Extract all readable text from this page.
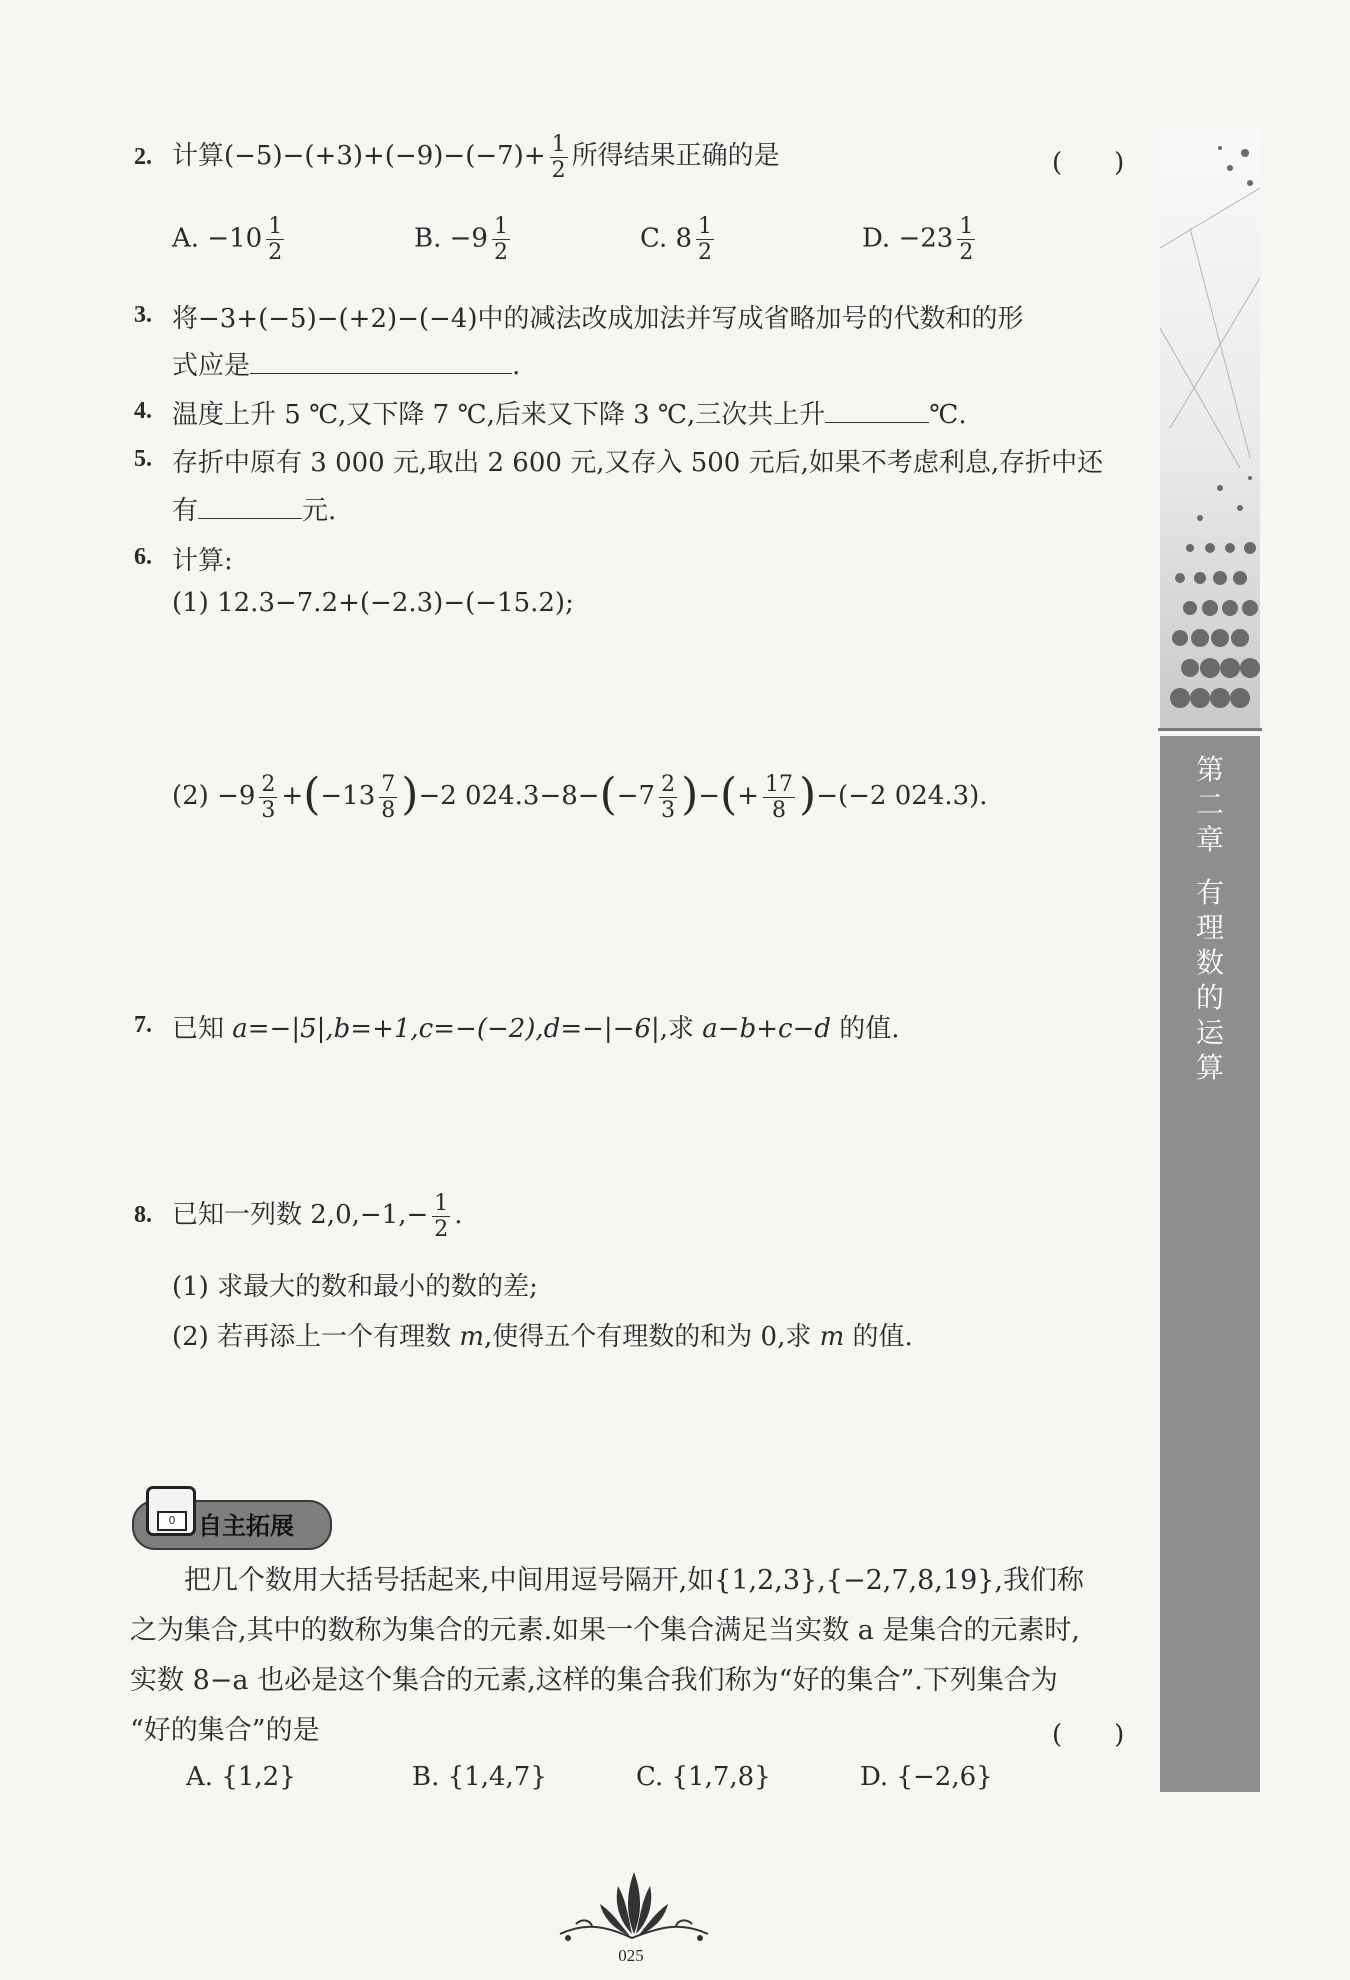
第
二
章
有
理
数
的
运
算
2. 计算$(-5)-(+3)+(-9)-(-7)+ \frac{1}{2}$ 所得结果正确的是	(　　)
A. $-10 \frac{1}{2}$	B. $-9 \frac{1}{2}$	C. $8 \frac{1}{2}$	D. $-23 \frac{1}{2}$
3. 将−3+(−5)−(+2)−(−4)中的减法改成加法并写成省略加号的代数和的形
式应是	.
4. 温度上升 5 ℃,又下降 7 ℃,后来又下降 3 ℃,三次共上升	℃.
5. 存折中原有 3 000 元,取出 2 600 元,又存入 500 元后,如果不考虑利息,存折中还
有	元.
6. 计算:
(1) 12.3−7.2+(−2.3)−(−15.2);
$(2) -9 \frac{2}{3} +(-13 \frac{7}{8} )-2$ $024.3-8-(-7 \frac{2}{3}$ )−(+ $\frac{17}{8} )-(-2$ 024.3).
7. 已知 a=−|5|,b=+1,c=−(−2),d=−|−6|,求 a−b+c−d 的值.
8. 已知一列数 $2,0,-1,- \frac{1}{2}$ .
(1) 求最大的数和最小的数的差;
(2) 若再添上一个有理数 m,使得五个有理数的和为 0,求 m 的值.
0 自主拓展
把几个数用大括号括起来,中间用逗号隔开,如{1,2,3},{−2,7,8,19},我们称
之为集合,其中的数称为集合的元素.如果一个集合满足当实数 a 是集合的元素时,
实数 8−a 也必是这个集合的元素,这样的集合我们称为“好的集合”.下列集合为
“好的集合”的是	(　　)
A. {1,2}	B. {1,4,7}	C. {1,7,8}	D. {−2,6}
025
